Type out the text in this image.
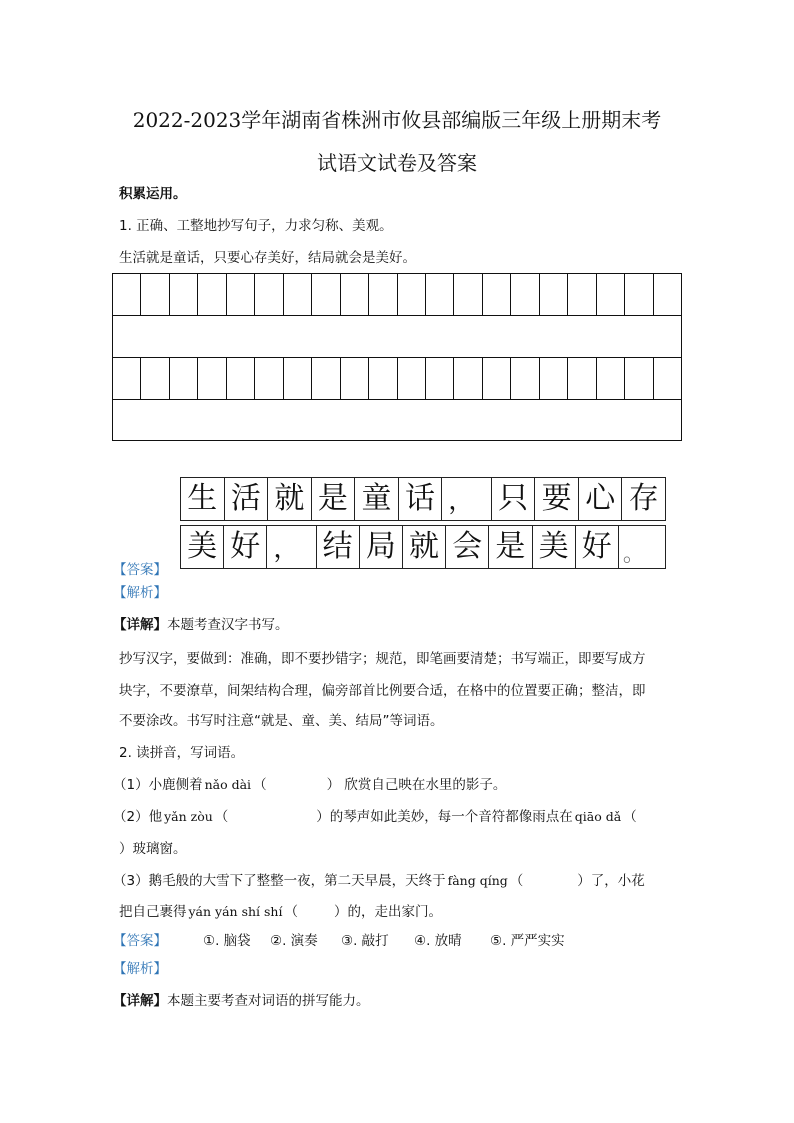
2022-2023学年湖南省株洲市攸县部编版三年级上册期末考
试语文试卷及答案
积累运用。
1. 正确、工整地抄写句子，力求匀称、美观。
生活就是童话，只要心存美好，结局就会是美好。
生 活 就 是 童 话 ， 只 要 心 存
美 好 ， 结 局 就 会 是 美 好 。
【答案】
【解析】
【详解】本题考查汉字书写。
抄写汉字，要做到：准确，即不要抄错字；规范，即笔画要清楚；书写端正，即要写成方
块字，不要潦草，间架结构合理，偏旁部首比例要合适，在格中的位置要正确；整洁，即
不要涂改。书写时注意“就是、童、美、结局”等词语。
2. 读拼音，写词语。
（1）小鹿侧着 nǎo dài （	） 欣赏自己映在水里的影子。
（2）他 yǎn zòu （	）的琴声如此美妙，每一个音符都像雨点在 qiāo dǎ （
）玻璃窗。
（3）鹅毛般的大雪下了整整一夜，第二天早晨，天终于 fàng qíng （	）了，小花
把自己裹得 yán yán shí shí （	）的，走出家门。
【答案】	①. 脑袋 ②. 演奏 ③. 敲打 ④. 放晴 ⑤. 严严实实
【解析】
【详解】本题主要考查对词语的拼写能力。
